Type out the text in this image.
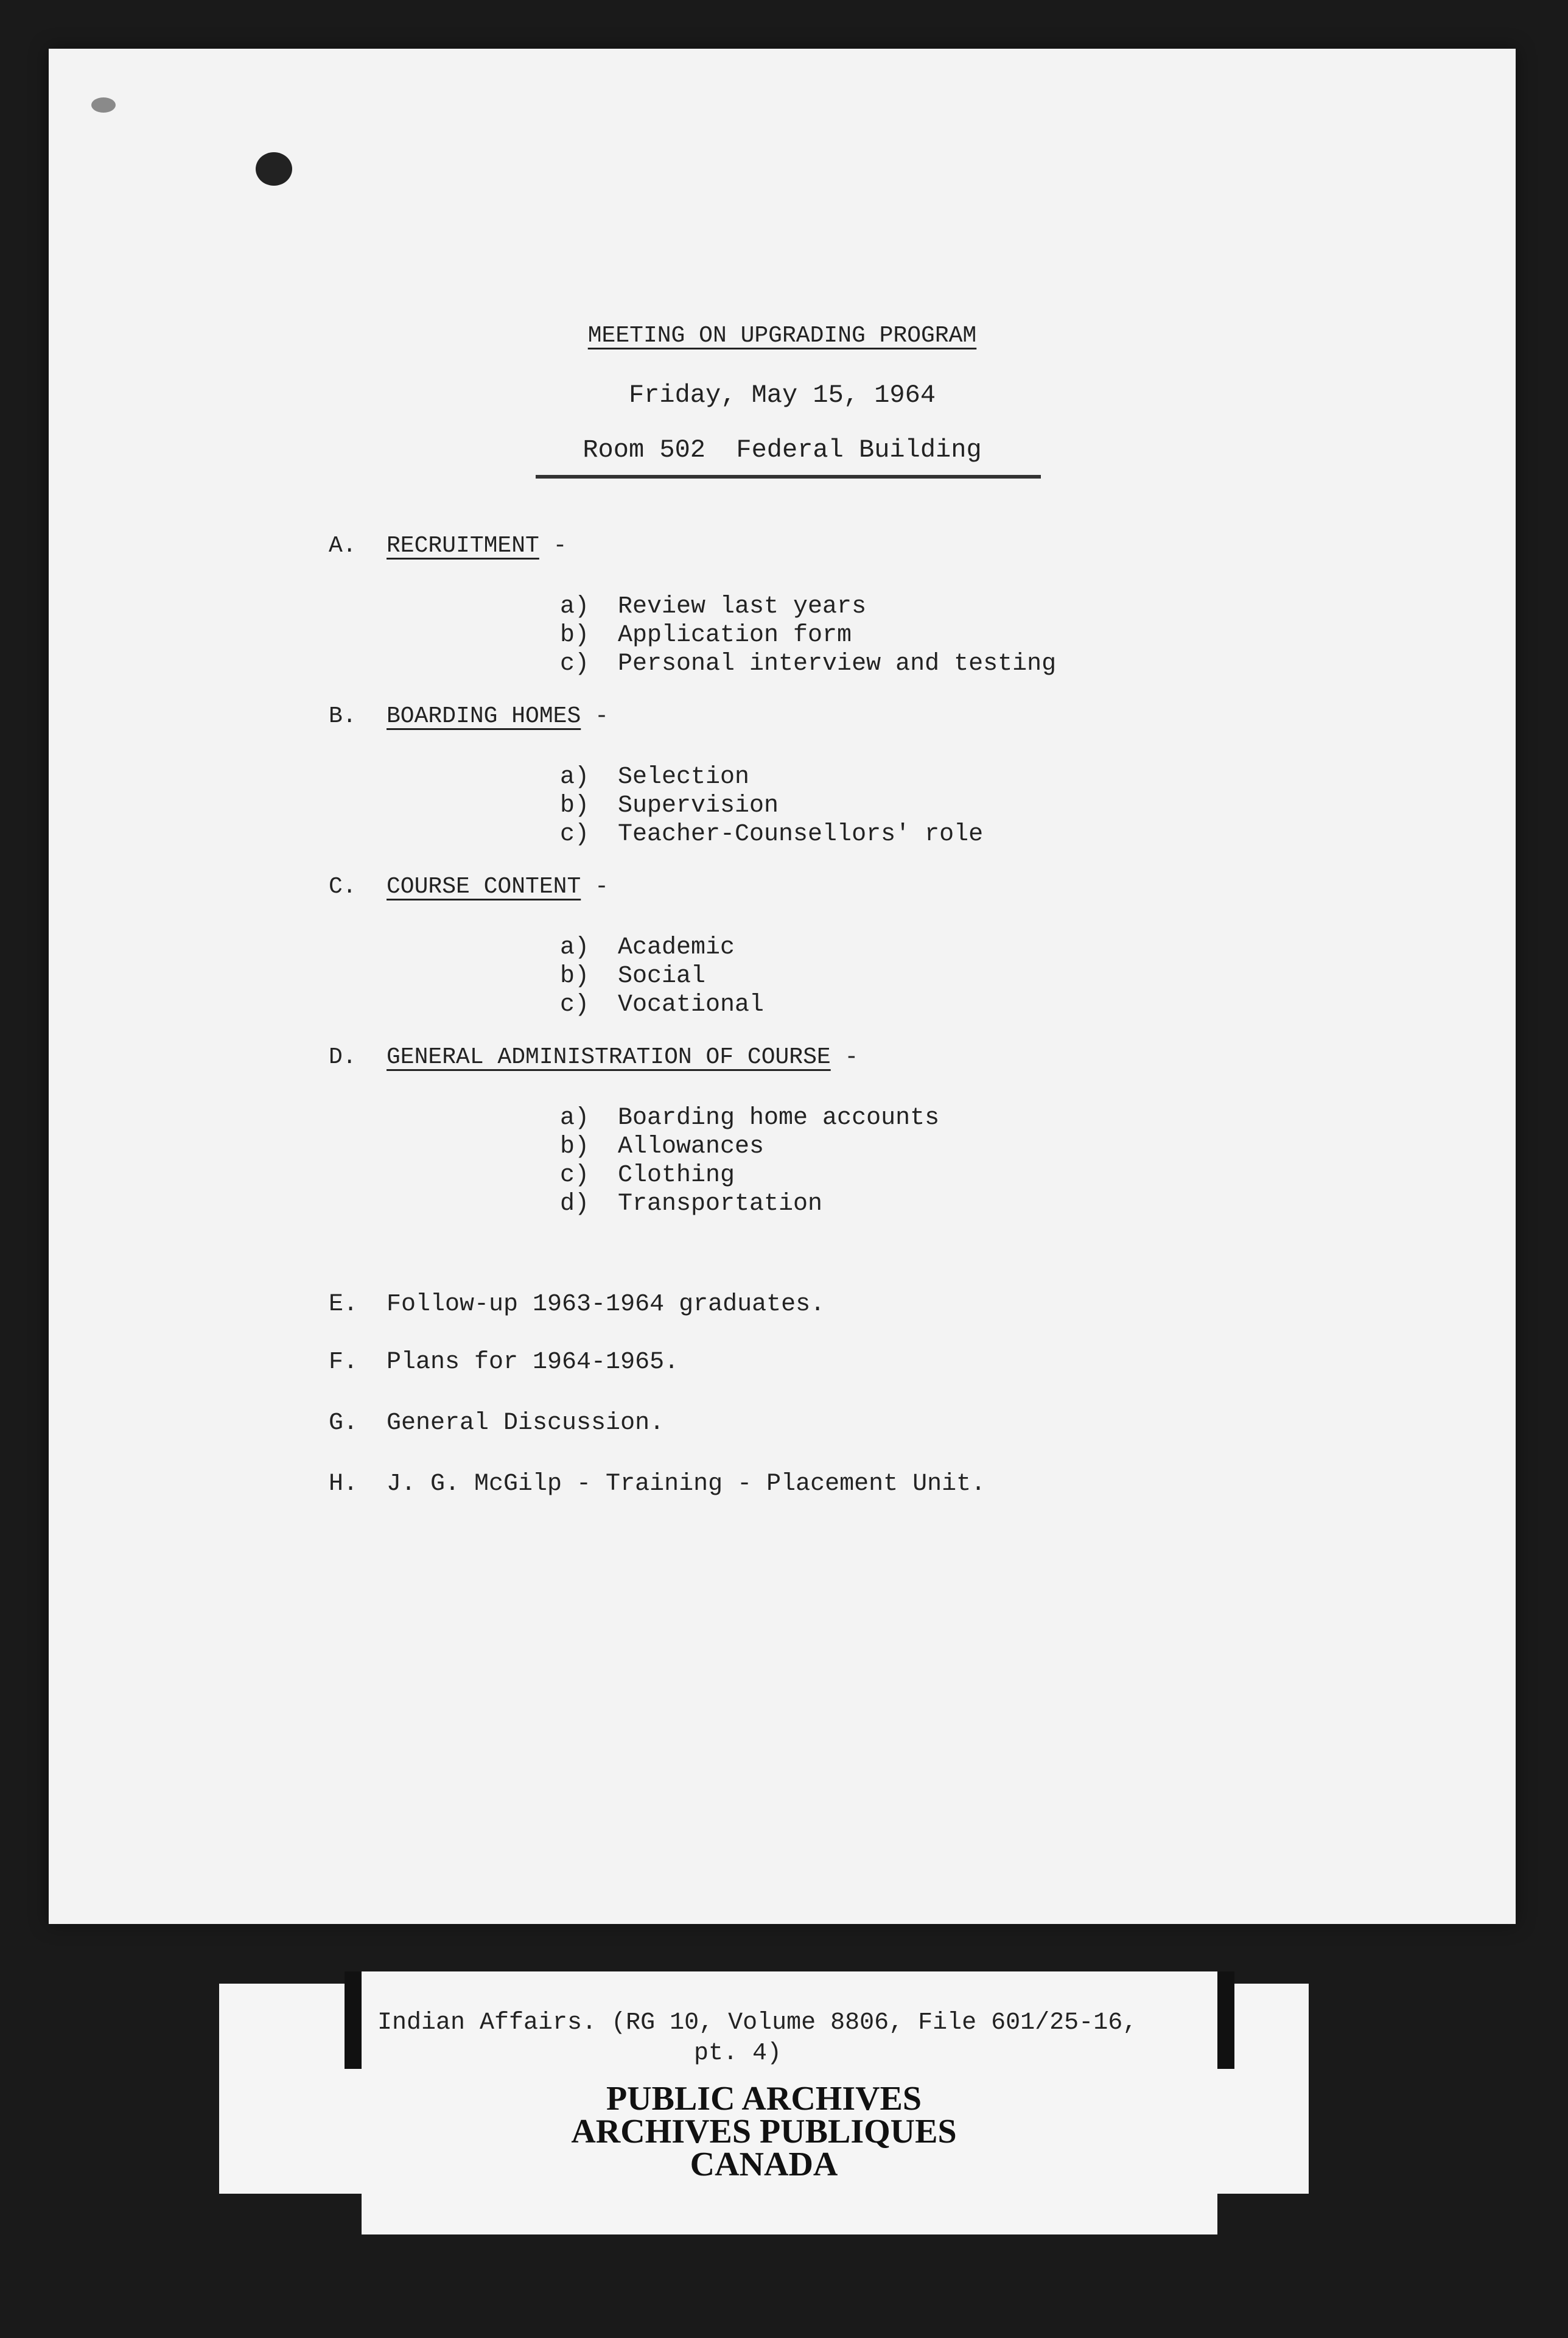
MEETING ON UPGRADING PROGRAM
Friday, May 15, 1964
Room 502  Federal Building
A. RECRUITMENT -
a) Review last years
b) Application form
c) Personal interview and testing
B. BOARDING HOMES -
a) Selection
b) Supervision
c) Teacher-Counsellors' role
C. COURSE CONTENT -
a) Academic
b) Social
c) Vocational
D. GENERAL ADMINISTRATION OF COURSE -
a) Boarding home accounts
b) Allowances
c) Clothing
d) Transportation
E. Follow-up 1963-1964 graduates.
F. Plans for 1964-1965.
G. General Discussion.
H. J. G. McGilp - Training - Placement Unit.
Indian Affairs. (RG 10, Volume 8806, File 601/25-16,
pt. 4)
PUBLIC ARCHIVES
ARCHIVES PUBLIQUES
CANADA
